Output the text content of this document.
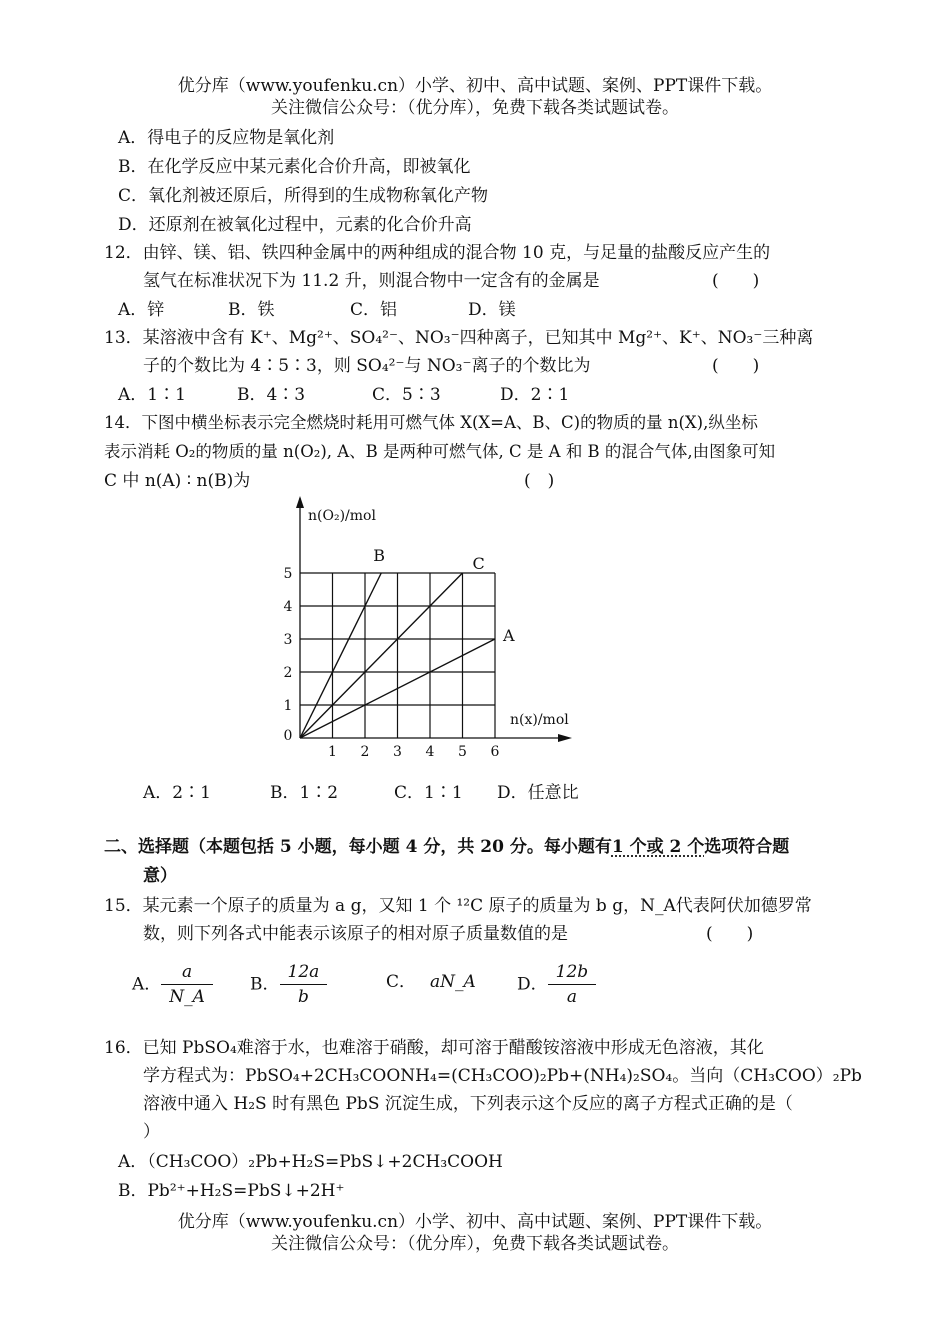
优分库（www.youfenku.cn）小学、初中、高中试题、案例、PPT课件下载。
关注微信公众号：（优分库），免费下载各类试题试卷。
A．得电子的反应物是氧化剂
B．在化学反应中某元素化合价升高，即被氧化
C．氧化剂被还原后，所得到的生成物称氧化产物
D．还原剂在被氧化过程中，元素的化合价升高
12．由锌、镁、铝、铁四种金属中的两种组成的混合物 10 克，与足量的盐酸反应产生的
氢气在标准状况下为 11.2 升，则混合物中一定含有的金属是	(　　)
A．锌	B．铁	C．铝	D．镁
13．某溶液中含有 K⁺、Mg²⁺、SO₄²⁻、NO₃⁻四种离子，已知其中 Mg²⁺、K⁺、NO₃⁻三种离
子的个数比为 4∶5∶3，则 SO₄²⁻与 NO₃⁻离子的个数比为	(　　)
A．1∶1	B．4∶3	C．5∶3	D．2∶1
14．下图中横坐标表示完全燃烧时耗用可燃气体 X(X=A、B、C)的物质的量 n(X),纵坐标
表示消耗 O₂的物质的量 n(O₂), A、B 是两种可燃气体, C 是 A 和 B 的混合气体,由图象可知
C 中 n(A) ∶ n(B)为	(　)
1 2 3 4 5 6
1
2
3
4
5
0
n(O₂)/mol
n(x)/mol
A
B	C
A．2∶1	B．1∶2	C．1∶1 D．任意比
二、选择题（本题包括 5 小题，每小题 4 分，共 20 分。每小题有1 个或 2 个选项符合题
意）
15．某元素一个原子的质量为 a g，又知 1 个 ¹²C 原子的质量为 b g，N_A代表阿伏加德罗常
数，则下列各式中能表示该原子的相对原子质量数值的是	(　　)
A． $\frac{a}{N\_A}$ B． $\frac{12a}{b}$	C． aN_A D． $\frac{12b}{a}$
16．已知 PbSO₄难溶于水，也难溶于硝酸，却可溶于醋酸铵溶液中形成无色溶液，其化
学方程式为：PbSO₄+2CH₃COONH₄=(CH₃COO)₂Pb+(NH₄)₂SO₄。当向（CH₃COO）₂Pb
溶液中通入 H₂S 时有黑色 PbS 沉淀生成，下列表示这个反应的离子方程式正确的是（
）
A．（CH₃COO）₂Pb+H₂S=PbS↓+2CH₃COOH
B．Pb²⁺+H₂S=PbS↓+2H⁺
优分库（www.youfenku.cn）小学、初中、高中试题、案例、PPT课件下载。
关注微信公众号：（优分库），免费下载各类试题试卷。
